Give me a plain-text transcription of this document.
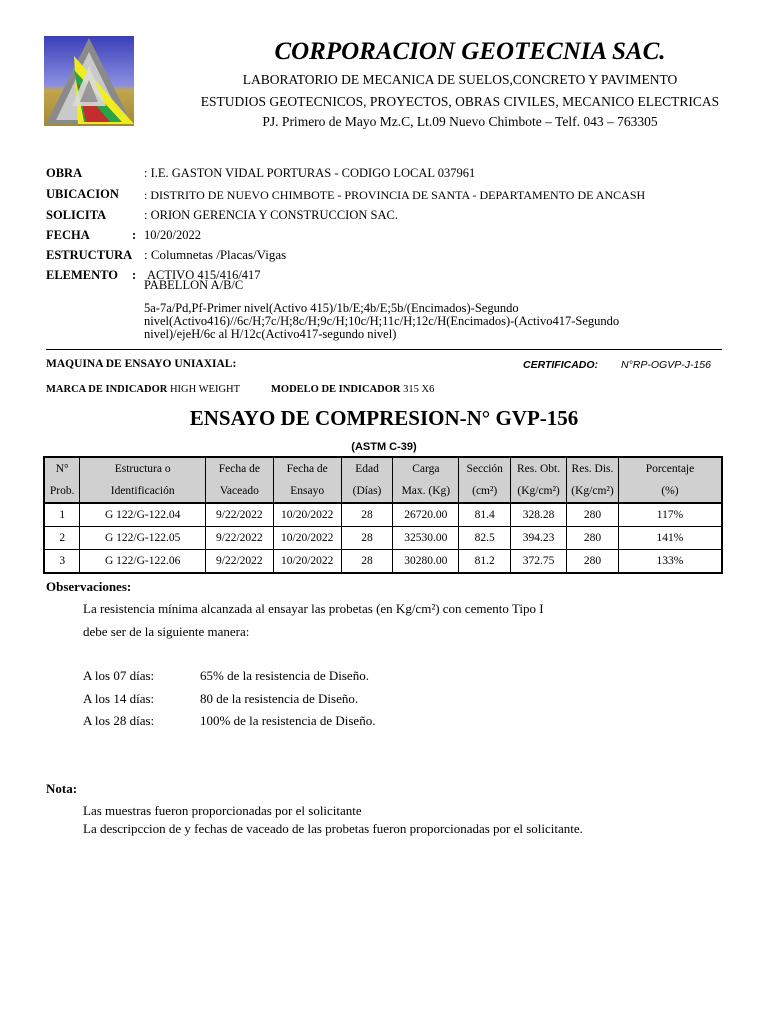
CORPORACION GEOTECNIA SAC.
LABORATORIO DE MECANICA DE SUELOS,CONCRETO Y PAVIMENTO
ESTUDIOS GEOTECNICOS, PROYECTOS, OBRAS CIVILES, MECANICO ELECTRICAS
PJ. Primero de Mayo Mz.C, Lt.09 Nuevo Chimbote – Telf. 043 – 763305
OBRA	: I.E. GASTON VIDAL PORTURAS - CODIGO LOCAL 037961
UBICACION : DISTRITO DE NUEVO CHIMBOTE - PROVINCIA DE SANTA - DEPARTAMENTO DE ANCASH
SOLICITA	: ORION GERENCIA Y CONSTRUCCION SAC.
FECHA	: 10/20/2022
ESTRUCTURA : Columnetas /Placas/Vigas
ELEMENTO : ACTIVO 415/416/417
PABELLON A/B/C
5a-7a/Pd,Pf-Primer nivel(Activo 415)/1b/E;4b/E;5b/(Encimados)-Segundo nivel(Activo416)//6c/H;7c/H;8c/H;9c/H;10c/H;11c/H;12c/H(Encimados)-(Activo417-Segundo nivel)/ejeH/6c al H/12c(Activo417-segundo nivel)
MAQUINA DE ENSAYO UNIAXIAL:	CERTIFICADO: N°RP-OGVP-J-156
MARCA DE INDICADOR HIGH WEIGHT	MODELO DE INDICADOR 315 X6
ENSAYO DE COMPRESION-N° GVP-156
(ASTM C-39)
N°	Estructura o	Fecha de	Fecha de	Edad	Carga	Sección	Res. Obt.	Res. Dis.	Porcentaje
Prob.	Identificación	Vaceado	Ensayo	(Días)	Max. (Kg)	(cm²)	(Kg/cm²)	(Kg/cm²)	(%)
1	G 122/G-122.04	9/22/2022	10/20/2022	28	26720.00	81.4	328.28	280	117%
2	G 122/G-122.05	9/22/2022	10/20/2022	28	32530.00	82.5	394.23	280	141%
3	G 122/G-122.06	9/22/2022	10/20/2022	28	30280.00	81.2	372.75	280	133%
Observaciones:
La resistencia mínima alcanzada al ensayar las probetas (en Kg/cm²) con cemento Tipo I
debe ser de la siguiente manera:
A los 07 días:	65% de la resistencia de Diseño.
A los 14 días:	80 de la resistencia de Diseño.
A los 28 días:	100% de la resistencia de Diseño.
Nota:
Las muestras fueron proporcionadas por el solicitante
La descripccion de y fechas de vaceado de las probetas fueron proporcionadas por el solicitante.
